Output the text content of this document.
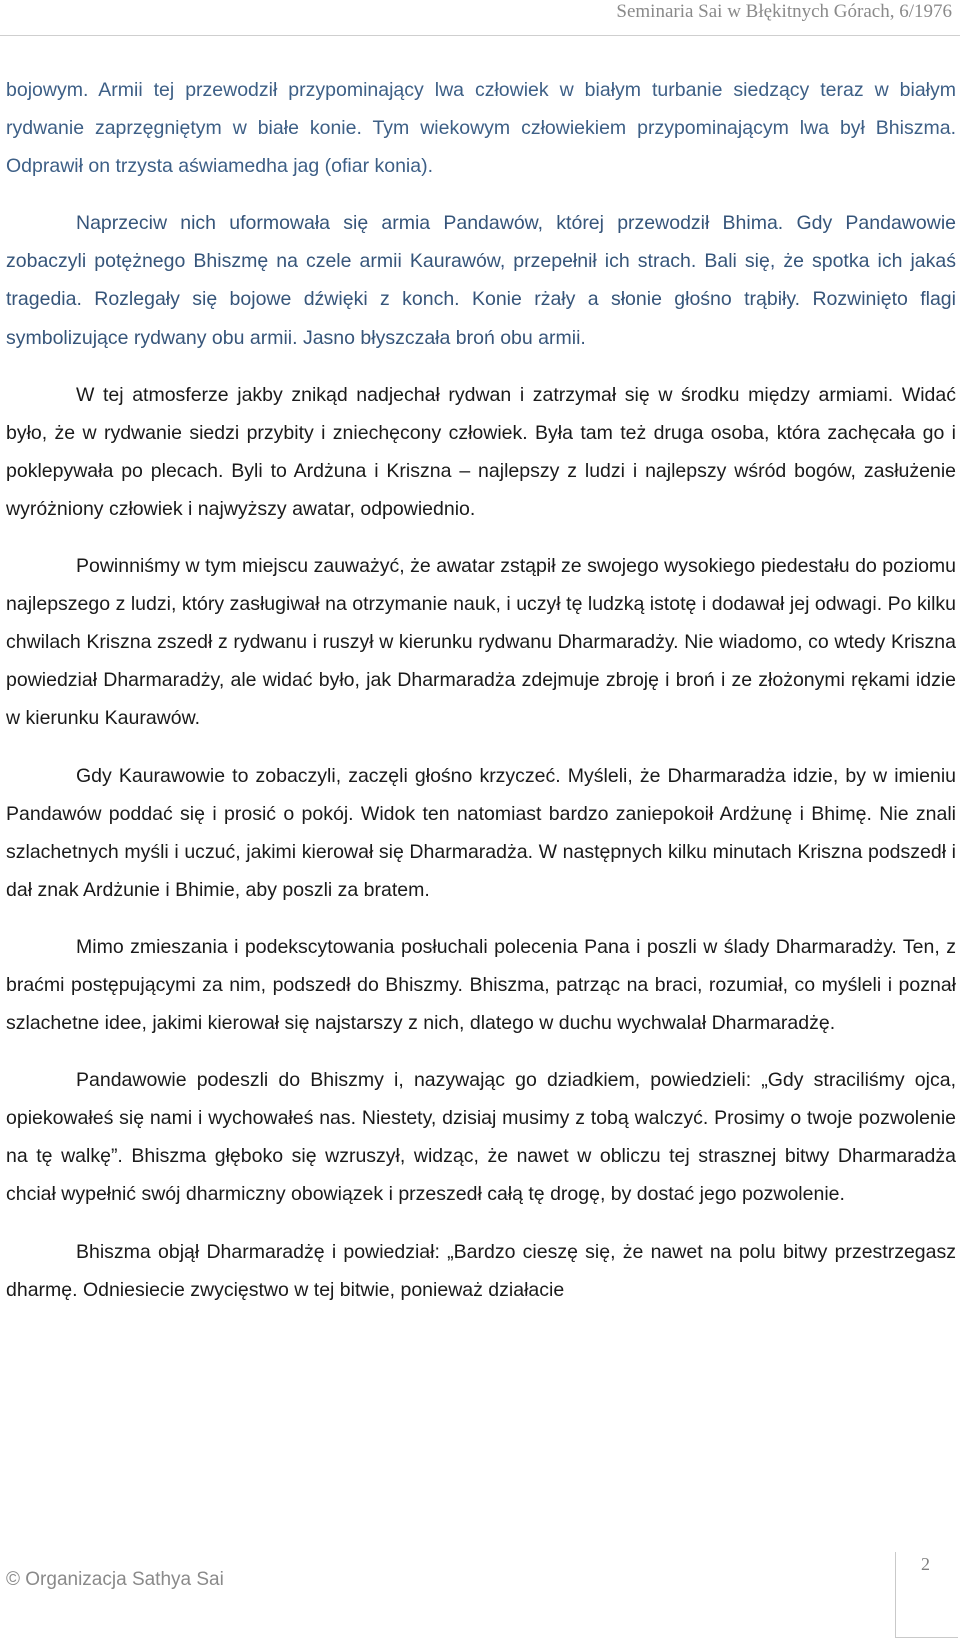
Seminaria Sai w Błękitnych Górach, 6/1976

bojowym. Armii tej przewodził przypominający lwa człowiek w białym turbanie siedzący teraz w białym rydwanie zaprzęgniętym w białe konie. Tym wiekowym człowiekiem przypominającym lwa był Bhiszma. Odprawił on trzysta aświamedha jag (ofiar konia).

Naprzeciw nich uformowała się armia Pandawów, której przewodził Bhima. Gdy Pandawowie zobaczyli potężnego Bhiszmę na czele armii Kaurawów, przepełnił ich strach. Bali się, że spotka ich jakaś tragedia. Rozlegały się bojowe dźwięki z konch. Konie rżały a słonie głośno trąbiły. Rozwinięto flagi symbolizujące rydwany obu armii. Jasno błyszczała broń obu armii.

W tej atmosferze jakby znikąd nadjechał rydwan i zatrzymał się w środku między armiami. Widać było, że w rydwanie siedzi przybity i zniechęcony człowiek. Była tam też druga osoba, która zachęcała go i poklepywała po plecach. Byli to Ardżuna i Kriszna – najlepszy z ludzi i najlepszy wśród bogów, zasłużenie wyróżniony człowiek i najwyższy awatar, odpowiednio.

Powinniśmy w tym miejscu zauważyć, że awatar zstąpił ze swojego wysokiego piedestału do poziomu najlepszego z ludzi, który zasługiwał na otrzymanie nauk, i uczył tę ludzką istotę i dodawał jej odwagi. Po kilku chwilach Kriszna zszedł z rydwanu i ruszył w kierunku rydwanu Dharmaradży. Nie wiadomo, co wtedy Kriszna powiedział Dharmaradży, ale widać było, jak Dharmaradża zdejmuje zbroję i broń i ze złożonymi rękami idzie w kierunku Kaurawów.

Gdy Kaurawowie to zobaczyli, zaczęli głośno krzyczeć. Myśleli, że Dharmaradża idzie, by w imieniu Pandawów poddać się i prosić o pokój. Widok ten natomiast bardzo zaniepokoił Ardżunę i Bhimę. Nie znali szlachetnych myśli i uczuć, jakimi kierował się Dharmaradża. W następnych kilku minutach Kriszna podszedł i dał znak Ardżunie i Bhimie, aby poszli za bratem.

Mimo zmieszania i podekscytowania posłuchali polecenia Pana i poszli w ślady Dharmaradży. Ten, z braćmi postępującymi za nim, podszedł do Bhiszmy. Bhiszma, patrząc na braci, rozumiał, co myśleli i poznał szlachetne idee, jakimi kierował się najstarszy z nich, dlatego w duchu wychwalał Dharmaradżę.

Pandawowie podeszli do Bhiszmy i, nazywając go dziadkiem, powiedzieli: „Gdy straciliśmy ojca, opiekowałeś się nami i wychowałeś nas. Niestety, dzisiaj musimy z tobą walczyć. Prosimy o twoje pozwolenie na tę walkę”. Bhiszma głęboko się wzruszył, widząc, że nawet w obliczu tej strasznej bitwy Dharmaradża chciał wypełnić swój dharmiczny obowiązek i przeszedł całą tę drogę, by dostać jego pozwolenie.

Bhiszma objął Dharmaradżę i powiedział: „Bardzo cieszę się, że nawet na polu bitwy przestrzegasz dharmę. Odniesiecie zwycięstwo w tej bitwie, ponieważ działacie

© Organizacja Sathya Sai
2
